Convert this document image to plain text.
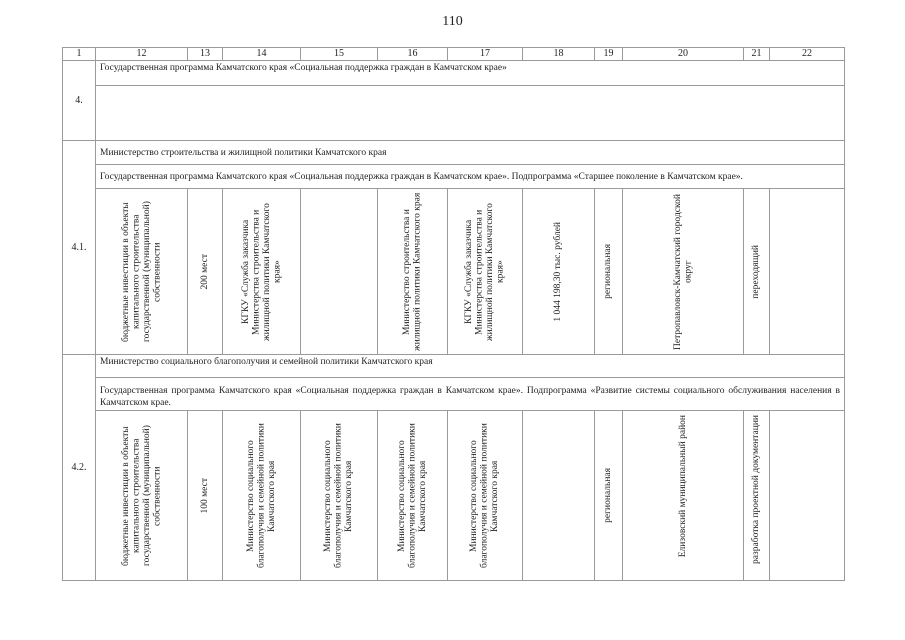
110
1	12	13	14	15	16	17	18	19	20	21	22
4.	Государственная программа Камчатского края «Социальная поддержка граждан в Камчатском крае»										

4.1.	Министерство строительства и жилищной политики Камчатского края										
	Государственная программа Камчатского края «Социальная поддержка граждан в Камчатском крае». Подпрограмма «Старшее поколение в Камчатском крае».										

	бюджетные инвестиции в объекты капитального строительства государственной (муниципальной) собственности	200 мест	КГКУ «Служба заказчика Министерства строительства и жилищной политики Камчатского края»		Министерство строительства и жилищной политики Камчатского края	КГКУ «Служба заказчика Министерства строительства и жилищной политики Камчатского края»	1 044 198,30 тыс. рублей	региональная	Петропавловск-Камчатский городской округ	переходящий	

4.2.	Министерство социального благополучия и семейной политики Камчатского края										
	Государственная программа Камчатского края «Социальная поддержка граждан в Камчатском крае». Подпрограмма «Развитие системы социального обслуживания населения в Камчатском крае.										

	бюджетные инвестиции в объекты капитального строительства государственной (муниципальной) собственности	100 мест	Министерство социального благополучия и семейной политики Камчатского края	Министерство социального благополучия и семейной политики Камчатского края	Министерство социального благополучия и семейной политики Камчатского края	Министерство социального благополучия и семейной политики Камчатского края		региональная	Елизовский муниципальный район	разработка проектной документации	
